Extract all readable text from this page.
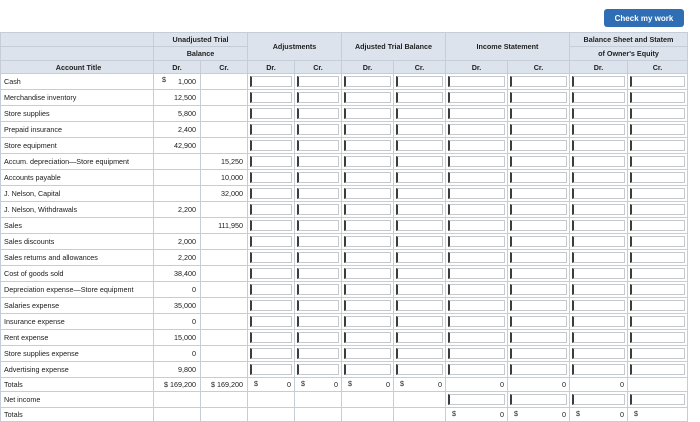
Check my work
	Unadjusted Trial		Adjustments		Adjusted Trial Balance		Income Statement		Balance Sheet and Statem	
	Balance								of Owner's Equity	
Account Title	Dr.	Cr.	Dr.	Cr.	Dr.	Cr.	Dr.	Cr.	Dr.	Cr.
Cash	$ 1,000									
Merchandise inventory	12,500									
Store supplies	5,800									
Prepaid insurance	2,400									
Store equipment	42,900									
Accum. depreciation—Store equipment		15,250								
Accounts payable		10,000								
J. Nelson, Capital		32,000								
J. Nelson, Withdrawals	2,200									
Sales		111,950								
Sales discounts	2,000									
Sales returns and allowances	2,200									
Cost of goods sold	38,400									
Depreciation expense—Store equipment	0									
Salaries expense	35,000									
Insurance expense	0									
Rent expense	15,000									
Store supplies expense	0									
Advertising expense	9,800									
Totals	$ 169,200	$ 169,200	$ 0	$ 0	$ 0	$ 0	0	0	0	
Net income										
Totals							$ 0	$ 0	$ 0	$
